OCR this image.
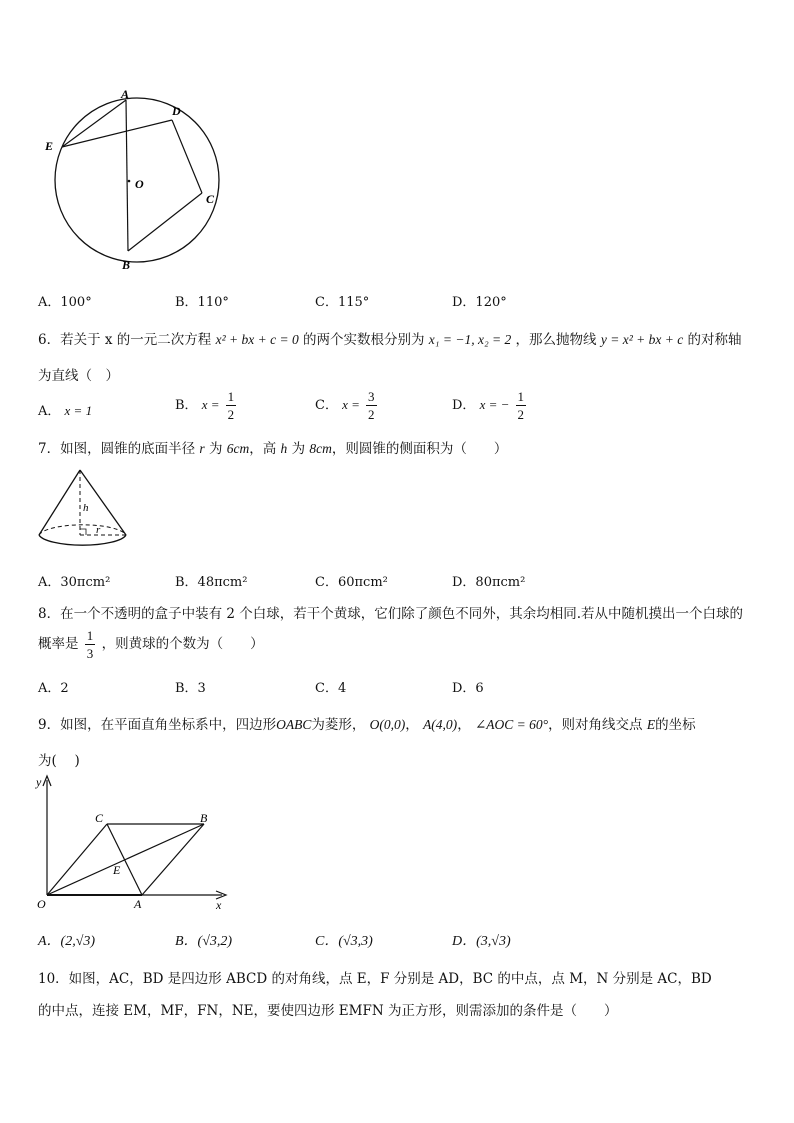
A
D
E
O
C
B
A．100°	B．110°	C．115°	D．120°
6．若关于 x 的一元二次方程 x² + bx + c = 0 的两个实数根分别为 x₁ = −1, x₂ = 2 ，那么抛物线 y = x² + bx + c 的对称轴
为直线（　）
A． x = 1	B． $x = \frac{1}{2}$	C． $x = \frac{3}{2}$	D． x = − $\frac{1}{2}$
7．如图，圆锥的底面半径 r 为 6cm，高 h 为 8cm，则圆锥的侧面积为（　　）
h
r
A．30πcm²	B．48πcm²	C．60πcm²	D．80πcm²
8．在一个不透明的盒子中装有 2 个白球，若干个黄球，它们除了颜色不同外，其余均相同.若从中随机摸出一个白球的
概率是 $\frac{1}{3}$ ，则黄球的个数为（　　）
A．2	B．3	C．4	D．6
9．如图，在平面直角坐标系中，四边形OABC为菱形， O(0,0)， A(4,0)， ∠AOC = 60°，则对角线交点 E的坐标
为(　 )
y
x
O	A
B
C
E
A．(2,√3)	B．(√3,2)	C．(√3,3)	D．(3,√3)
10．如图，AC，BD 是四边形 ABCD 的对角线，点 E，F 分别是 AD，BC 的中点，点 M，N 分别是 AC，BD
的中点，连接 EM，MF，FN，NE，要使四边形 EMFN 为正方形，则需添加的条件是（　　）
